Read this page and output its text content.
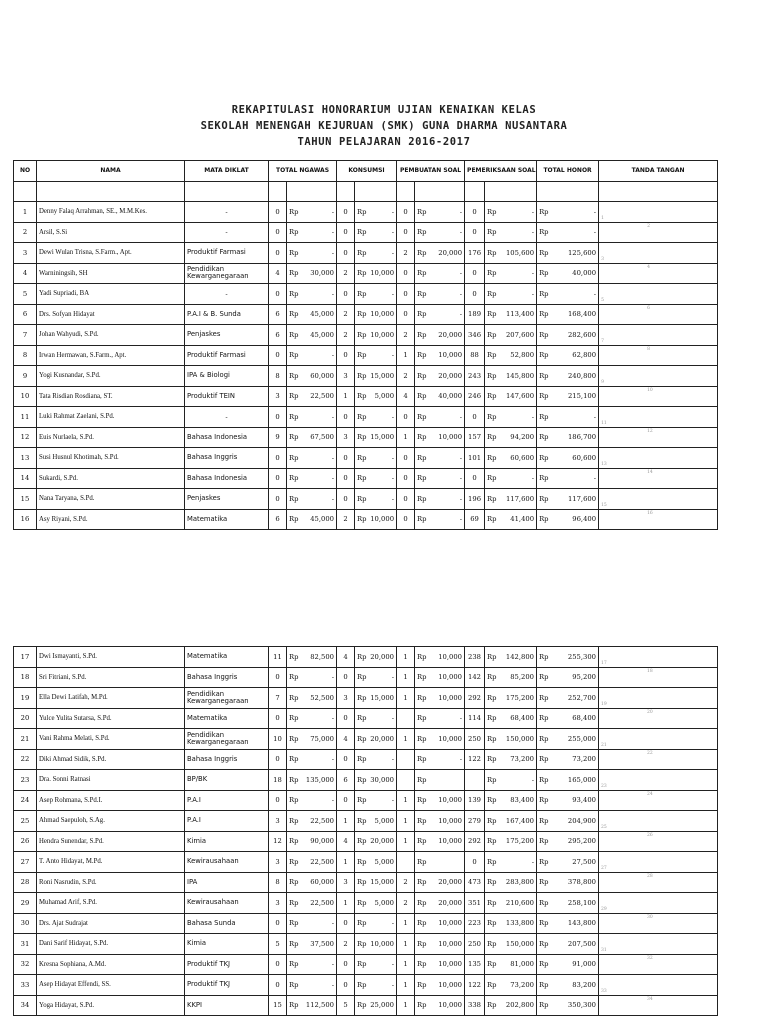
REKAPITULASI HONORARIUM UJIAN KENAIKAN KELAS
SEKOLAH MENENGAH KEJURUAN (SMK) GUNA DHARMA NUSANTARA
TAHUN PELAJARAN 2016-2017
NO	NAMA	MATA DIKLAT	TOTAL NGAWAS		KONSUMSI		PEMBUATAN SOAL		PEMERIKSAAN SOAL		TOTAL HONOR	TANDA TANGAN

1	Denny Falaq Arrahman, SE., M.M.Kes.	-	0	Rp -	0	Rp -	0	Rp -	0	Rp -	Rp -	1

2	Arsil, S.Si	-	0	Rp -	0	Rp -	0	Rp -	0	Rp -	Rp -	2

3	Dewi Wulan Trisna, S.Farm., Apt.	Produktif Farmasi	0	Rp -	0	Rp -	2	Rp 20,000	176	Rp 105,600	Rp 125,600	3

4	Warniningsih, SH	Pendidikan Kewarganegaraan	4	Rp 30,000	2	Rp 10,000	0	Rp -	0	Rp -	Rp 40,000	4

5	Yadi Supriadi, BA	-	0	Rp -	0	Rp -	0	Rp -	0	Rp -	Rp -	5

6	Drs. Sofyan Hidayat	P.A.I & B. Sunda	6	Rp 45,000	2	Rp 10,000	0	Rp -	189	Rp 113,400	Rp 168,400	6

7	Johan Wahyudi, S.Pd.	Penjaskes	6	Rp 45,000	2	Rp 10,000	2	Rp 20,000	346	Rp 207,600	Rp 282,600	7

8	Irwan Hermawan, S.Farm., Apt.	Produktif Farmasi	0	Rp -	0	Rp -	1	Rp 10,000	88	Rp 52,800	Rp 62,800	8

9	Yogi Kusnandar, S.Pd.	IPA & Biologi	8	Rp 60,000	3	Rp 15,000	2	Rp 20,000	243	Rp 145,800	Rp 240,800	9

10	Tata Risdian Rosdiana, ST.	Produktif TEIN	3	Rp 22,500	1	Rp 5,000	4	Rp 40,000	246	Rp 147,600	Rp 215,100	10

11	Luki Rahmat Zaelani, S.Pd.	-	0	Rp -	0	Rp -	0	Rp -	0	Rp -	Rp -	11

12	Euis Nurlaela, S.Pd.	Bahasa Indonesia	9	Rp 67,500	3	Rp 15,000	1	Rp 10,000	157	Rp 94,200	Rp 186,700	12

13	Susi Husnul Khotimah, S.Pd.	Bahasa Inggris	0	Rp -	0	Rp -	0	Rp -	101	Rp 60,600	Rp 60,600	13

14	Sukardi, S.Pd.	Bahasa Indonesia	0	Rp -	0	Rp -	0	Rp -	0	Rp -	Rp -	14

15	Nana Taryana, S.Pd.	Penjaskes	0	Rp -	0	Rp -	0	Rp -	196	Rp 117,600	Rp 117,600	15

16	Asy Riyani, S.Pd.	Matematika	6	Rp 45,000	2	Rp 10,000	0	Rp -	69	Rp 41,400	Rp 96,400	16
17	Dwi Ismayanti, S.Pd.	Matematika	11	Rp 82,500	4	Rp 20,000	1	Rp 10,000	238	Rp 142,800	Rp 255,300	17

18	Sri Fitriani, S.Pd.	Bahasa Inggris	0	Rp -	0	Rp -	1	Rp 10,000	142	Rp 85,200	Rp 95,200	18

19	Ella Dewi Latifah, M.Pd.	Pendidikan Kewarganegaraan	7	Rp 52,500	3	Rp 15,000	1	Rp 10,000	292	Rp 175,200	Rp 252,700	19

20	Yulce Yulita Sutarsa, S.Pd.	Matematika	0	Rp -	0	Rp -		Rp -	114	Rp 68,400	Rp 68,400	20

21	Vani Rahma Melati, S.Pd.	Pendidikan Kewarganegaraan	10	Rp 75,000	4	Rp 20,000	1	Rp 10,000	250	Rp 150,000	Rp 255,000	21

22	Diki Ahmad Sidik, S.Pd.	Bahasa Inggris	0	Rp -	0	Rp -		Rp -	122	Rp 73,200	Rp 73,200	22

23	Dra. Sonni Ratnasi	BP/BK	18	Rp 135,000	6	Rp 30,000		Rp		Rp -	Rp 165,000	23

24	Asep Rohmana, S.Pd.I.	P.A.I	0	Rp -	0	Rp -	1	Rp 10,000	139	Rp 83,400	Rp 93,400	24

25	Ahmad Saepuloh, S.Ag.	P.A.I	3	Rp 22,500	1	Rp 5,000	1	Rp 10,000	279	Rp 167,400	Rp 204,900	25

26	Hendra Sunendar, S.Pd.	Kimia	12	Rp 90,000	4	Rp 20,000	1	Rp 10,000	292	Rp 175,200	Rp 295,200	26

27	T. Anto Hidayat, M.Pd.	Kewirausahaan	3	Rp 22,500	1	Rp 5,000		Rp	0	Rp -	Rp 27,500	27

28	Roni Nasrudin, S.Pd.	IPA	8	Rp 60,000	3	Rp 15,000	2	Rp 20,000	473	Rp 283,800	Rp 378,800	28

29	Muhamad Arif, S.Pd.	Kewirausahaan	3	Rp 22,500	1	Rp 5,000	2	Rp 20,000	351	Rp 210,600	Rp 258,100	29

30	Drs. Ajat Sudrajat	Bahasa Sunda	0	Rp -	0	Rp -	1	Rp 10,000	223	Rp 133,800	Rp 143,800	30

31	Dani Sarif Hidayat, S.Pd.	Kimia	5	Rp 37,500	2	Rp 10,000	1	Rp 10,000	250	Rp 150,000	Rp 207,500	31

32	Kresna Sophiana, A.Md.	Produktif TKJ	0	Rp -	0	Rp -	1	Rp 10,000	135	Rp 81,000	Rp 91,000	32

33	Asep Hidayat Effendi, SS.	Produktif TKJ	0	Rp -	0	Rp -	1	Rp 10,000	122	Rp 73,200	Rp 83,200	33

34	Yoga Hidayat, S.Pd.	KKPI	15	Rp 112,500	5	Rp 25,000	1	Rp 10,000	338	Rp 202,800	Rp 350,300	34
